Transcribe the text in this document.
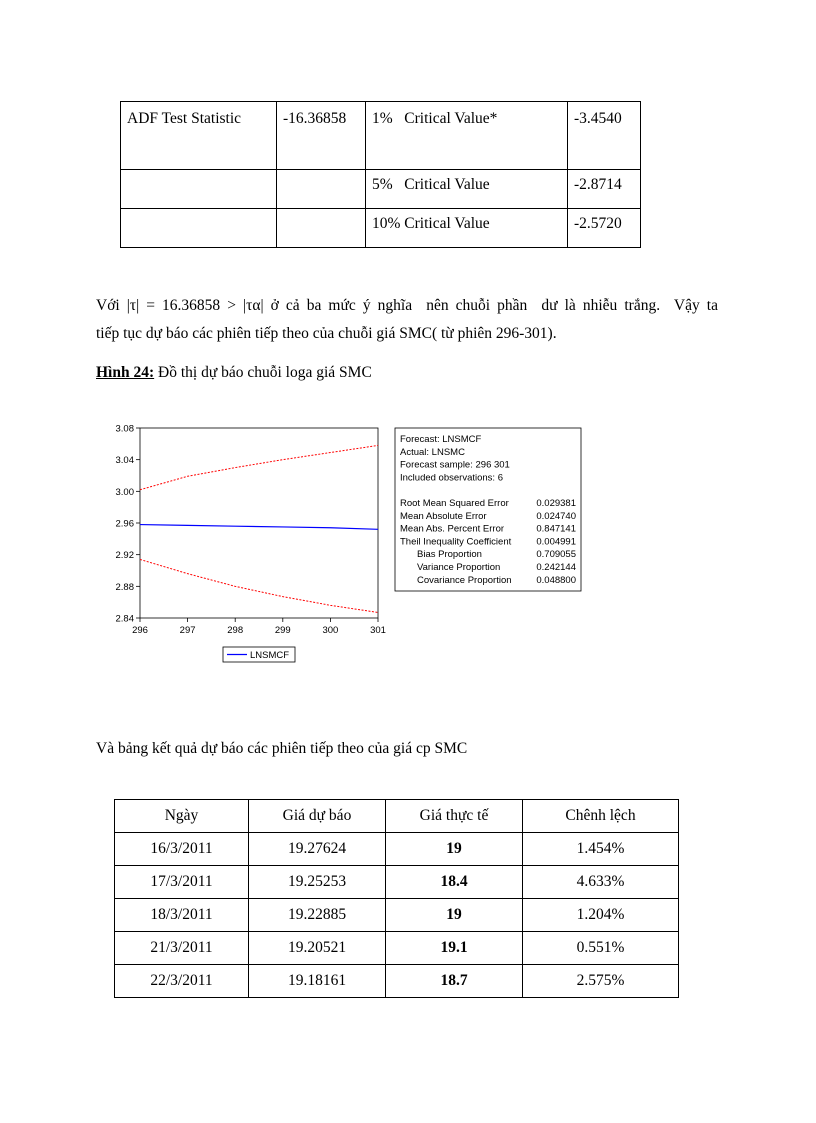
ADF Test Statistic	-16.36858	1%   Critical Value*	-3.4540
		5%   Critical Value	-2.8714
		10% Critical Value	-2.5720
Với |τ| = 16.36858 > |τα| ở cả ba mức ý nghĩa  nên chuỗi phần  dư là nhiễu trắng.  Vậy ta
tiếp tục dự báo các phiên tiếp theo của chuỗi giá SMC( từ phiên 296-301).
Hình 24: Đồ thị dự báo chuỗi loga giá SMC
2.84
2.88
2.92
2.96
3.00
3.04
3.08
296	297	298	299	300	301
Forecast: LNSMCF
Actual: LNSMC
Forecast sample: 296 301
Included observations: 6
Root Mean Squared Error	0.029381
Mean Absolute Error	0.024740
Mean Abs. Percent Error	0.847141
Theil Inequality Coefficient	0.004991
Bias Proportion	0.709055
Variance Proportion	0.242144
Covariance Proportion	0.048800
LNSMCF
Và bảng kết quả dự báo các phiên tiếp theo của giá cp SMC
Ngày	Giá dự báo	Giá thực tế	Chênh lệch
16/3/2011	19.27624	19	1.454%
17/3/2011	19.25253	18.4	4.633%
18/3/2011	19.22885	19	1.204%
21/3/2011	19.20521	19.1	0.551%
22/3/2011	19.18161	18.7	2.575%
